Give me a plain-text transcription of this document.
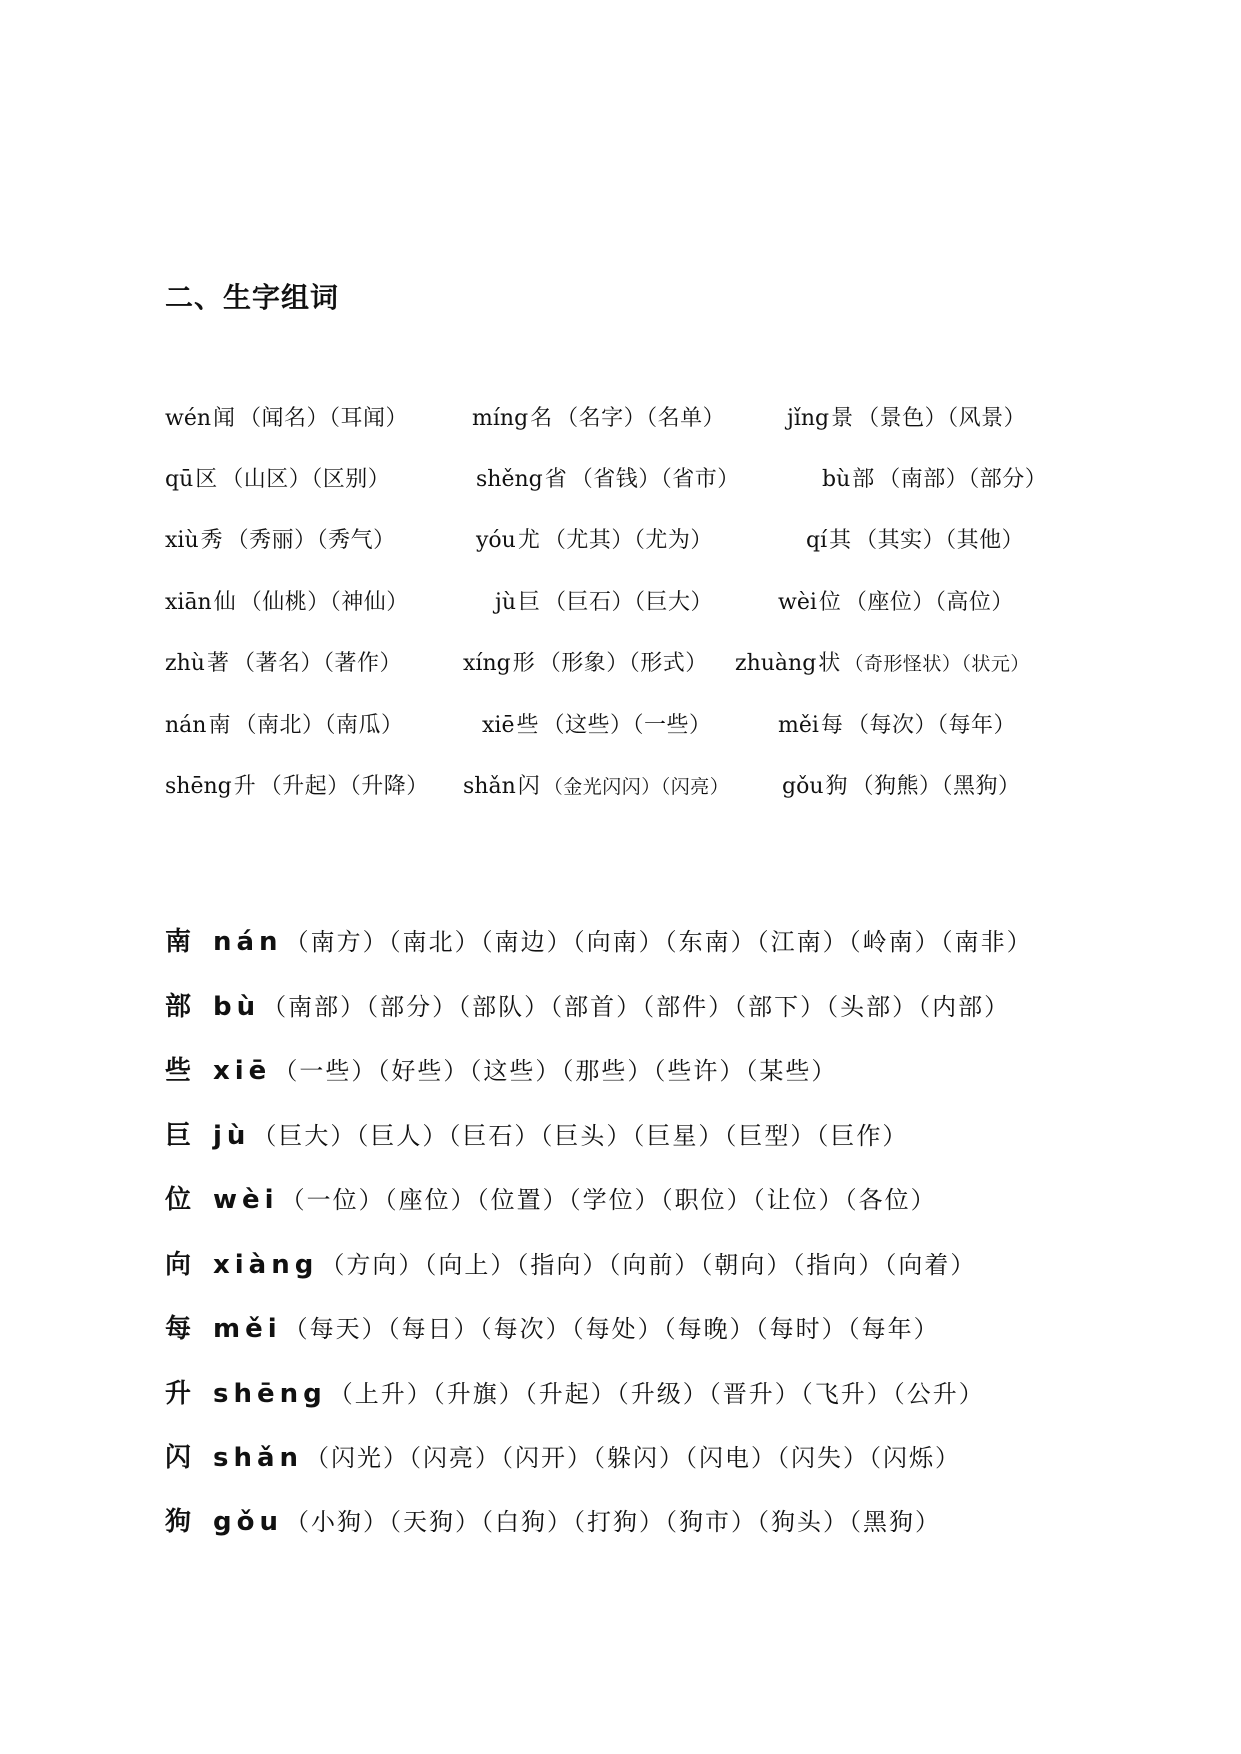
二、生字组词
wén闻 （闻名）（耳闻）	míng名 （名字）（名单）	jǐng景 （景色）（风景）
qū区 （山区）（区别）	shěng省 （省钱）（省市）	bù部 （南部）（部分）
xiù秀 （秀丽）（秀气）	yóu尤 （尤其）（尤为）	qí其 （其实）（其他）
xiān仙 （仙桃）（神仙）	jù巨 （巨石）（巨大）	wèi位 （座位）（高位）
zhù著 （著名）（著作）	xíng形 （形象）（形式） zhuàng状 （奇形怪状）（状元）
nán南 （南北）（南瓜）	xiē些 （这些）（一些）	měi每 （每次）（每年）
shēng升 （升起）（升降） shǎn闪 （金光闪闪）（闪亮） gǒu狗 （狗熊）（黑狗）
南 nán（南方）（南北）（南边）（向南）（东南）（江南）（岭南）（南非）
部 bù（南部）（部分）（部队）（部首）（部件）（部下）（头部）（内部）
些 xiē（一些）（好些）（这些）（那些）（些许）（某些）
巨 jù（巨大）（巨人）（巨石）（巨头）（巨星）（巨型）（巨作）
位 wèi（一位）（座位）（位置）（学位）（职位）（让位）（各位）
向 xiàng（方向）（向上）（指向）（向前）（朝向）（指向）（向着）
每 měi（每天）（每日）（每次）（每处）（每晚）（每时）（每年）
升 shēng（上升）（升旗）（升起）（升级）（晋升）（飞升）（公升）
闪 shǎn（闪光）（闪亮）（闪开）（躲闪）（闪电）（闪失）（闪烁）
狗 gǒu（小狗）（天狗）（白狗）（打狗）（狗市）（狗头）（黑狗）
